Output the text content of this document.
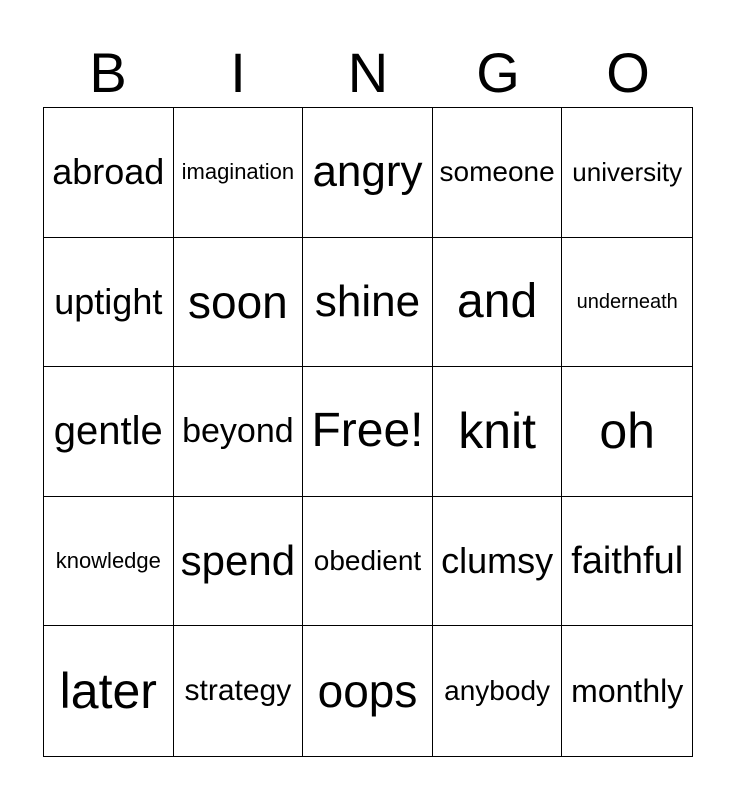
B	I	N	G	O
abroad imagination angry someone university
uptight soon shine and underneath
gentle beyond Free! knit oh
knowledge spend obedient clumsy faithful
later strategy oops anybody monthly
